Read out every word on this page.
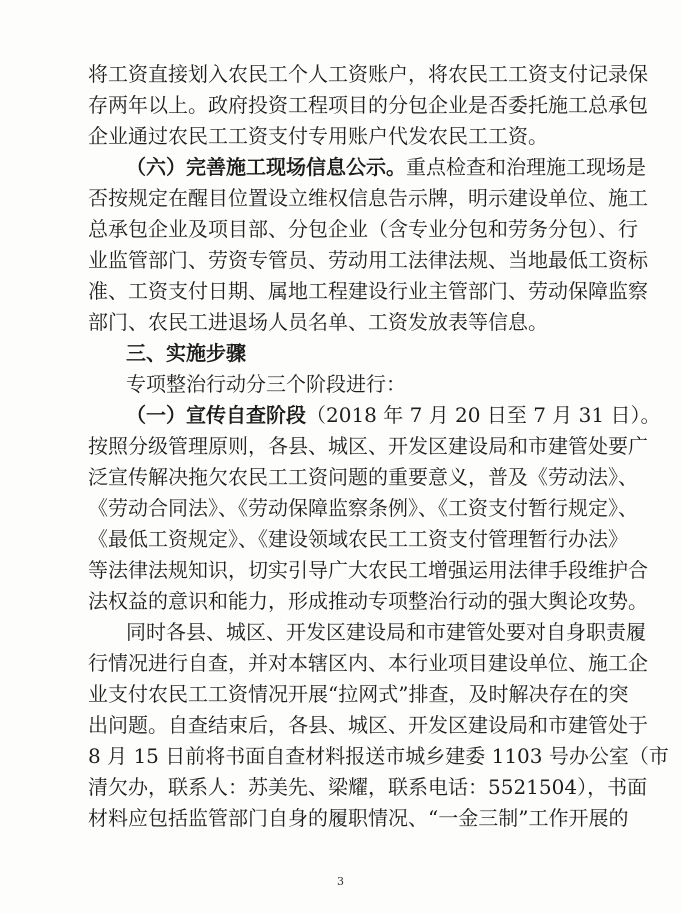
将工资直接划入农民工个人工资账户，将农民工工资支付记录保
存两年以上。政府投资工程项目的分包企业是否委托施工总承包
企业通过农民工工资支付专用账户代发农民工工资。
（六）完善施工现场信息公示。重点检查和治理施工现场是
否按规定在醒目位置设立维权信息告示牌，明示建设单位、施工
总承包企业及项目部、分包企业（含专业分包和劳务分包）、行
业监管部门、劳资专管员、劳动用工法律法规、当地最低工资标
准、工资支付日期、属地工程建设行业主管部门、劳动保障监察
部门、农民工进退场人员名单、工资发放表等信息。
三、实施步骤
专项整治行动分三个阶段进行：
（一）宣传自查阶段（2018 年 7 月 20 日至 7 月 31 日）。
按照分级管理原则，各县、城区、开发区建设局和市建管处要广
泛宣传解决拖欠农民工工资问题的重要意义，普及《劳动法》、
《劳动合同法》、《劳动保障监察条例》、《工资支付暂行规定》、
《最低工资规定》、《建设领域农民工工资支付管理暂行办法》
等法律法规知识，切实引导广大农民工增强运用法律手段维护合
法权益的意识和能力，形成推动专项整治行动的强大舆论攻势。
同时各县、城区、开发区建设局和市建管处要对自身职责履
行情况进行自查，并对本辖区内、本行业项目建设单位、施工企
业支付农民工工资情况开展“拉网式”排查，及时解决存在的突
出问题。自查结束后，各县、城区、开发区建设局和市建管处于
8 月 15 日前将书面自查材料报送市城乡建委 1103 号办公室（市
清欠办，联系人：苏美先、梁耀，联系电话：5521504），书面
材料应包括监管部门自身的履职情况、“一金三制”工作开展的
3
